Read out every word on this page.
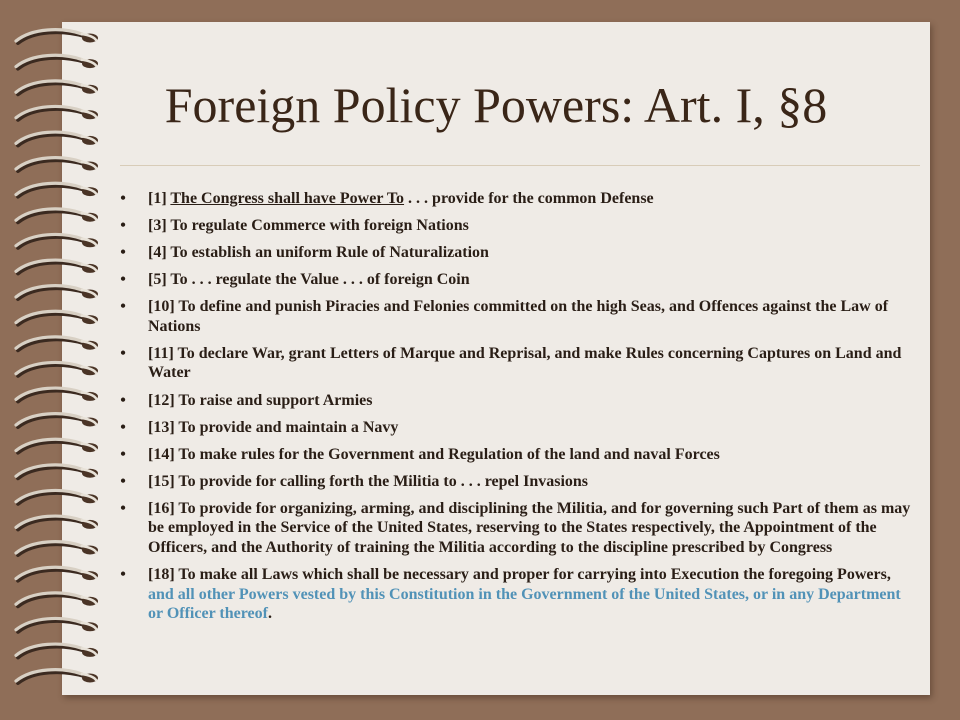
Foreign Policy Powers: Art. I, §8
• [1] The Congress shall have Power To . . . provide for the common Defense
• [3] To regulate Commerce with foreign Nations
• [4] To establish an uniform Rule of Naturalization
• [5] To . . . regulate the Value . . . of foreign Coin
• [10] To define and punish Piracies and Felonies committed on the high Seas, and Offences against the Law of Nations
• [11] To declare War, grant Letters of Marque and Reprisal, and make Rules concerning Captures on Land and Water
• [12] To raise and support Armies
• [13] To provide and maintain a Navy
• [14] To make rules for the Government and Regulation of the land and naval Forces
• [15] To provide for calling forth the Militia to . . . repel Invasions
• [16] To provide for organizing, arming, and disciplining the Militia, and for governing such Part of them as may be employed in the Service of the United States, reserving to the States respectively, the Appointment of the Officers, and the Authority of training the Militia according to the discipline prescribed by Congress
• [18] To make all Laws which shall be necessary and proper for carrying into Execution the foregoing Powers, and all other Powers vested by this Constitution in the Government of the United States, or in any Department or Officer thereof.
